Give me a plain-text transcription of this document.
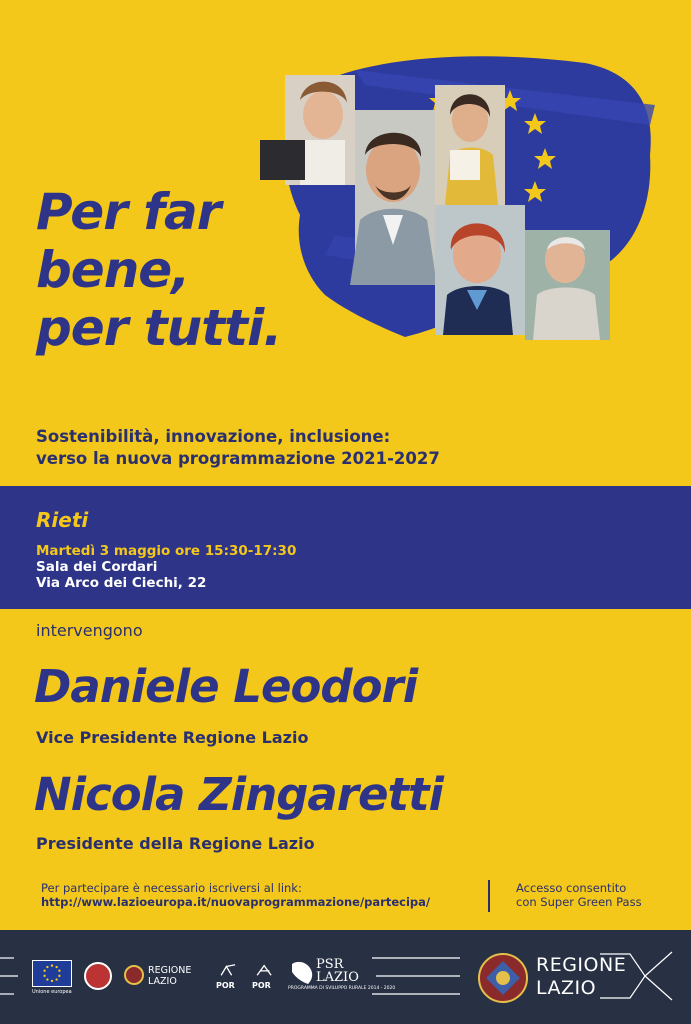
Per far
bene,
per tutti.
Sostenibilità, innovazione, inclusione:
verso la nuova programmazione 2021-2027
Rieti
Martedì 3 maggio ore 15:30-17:30
Sala dei Cordari
Via Arco dei Ciechi, 22
intervengono
Daniele Leodori
Vice Presidente Regione Lazio
Nicola Zingaretti
Presidente della Regione Lazio
Per partecipare è necessario iscriversi al link:
http://www.lazioeuropa.it/nuovaprogrammazione/partecipa/
Accesso consentito
con Super Green Pass
Unione europea
REGIONE
LAZIO	POR	POR
PSR
LAZIO
PROGRAMMA DI SVILUPPO RURALE 2014 - 2020
REGIONE
LAZIO
